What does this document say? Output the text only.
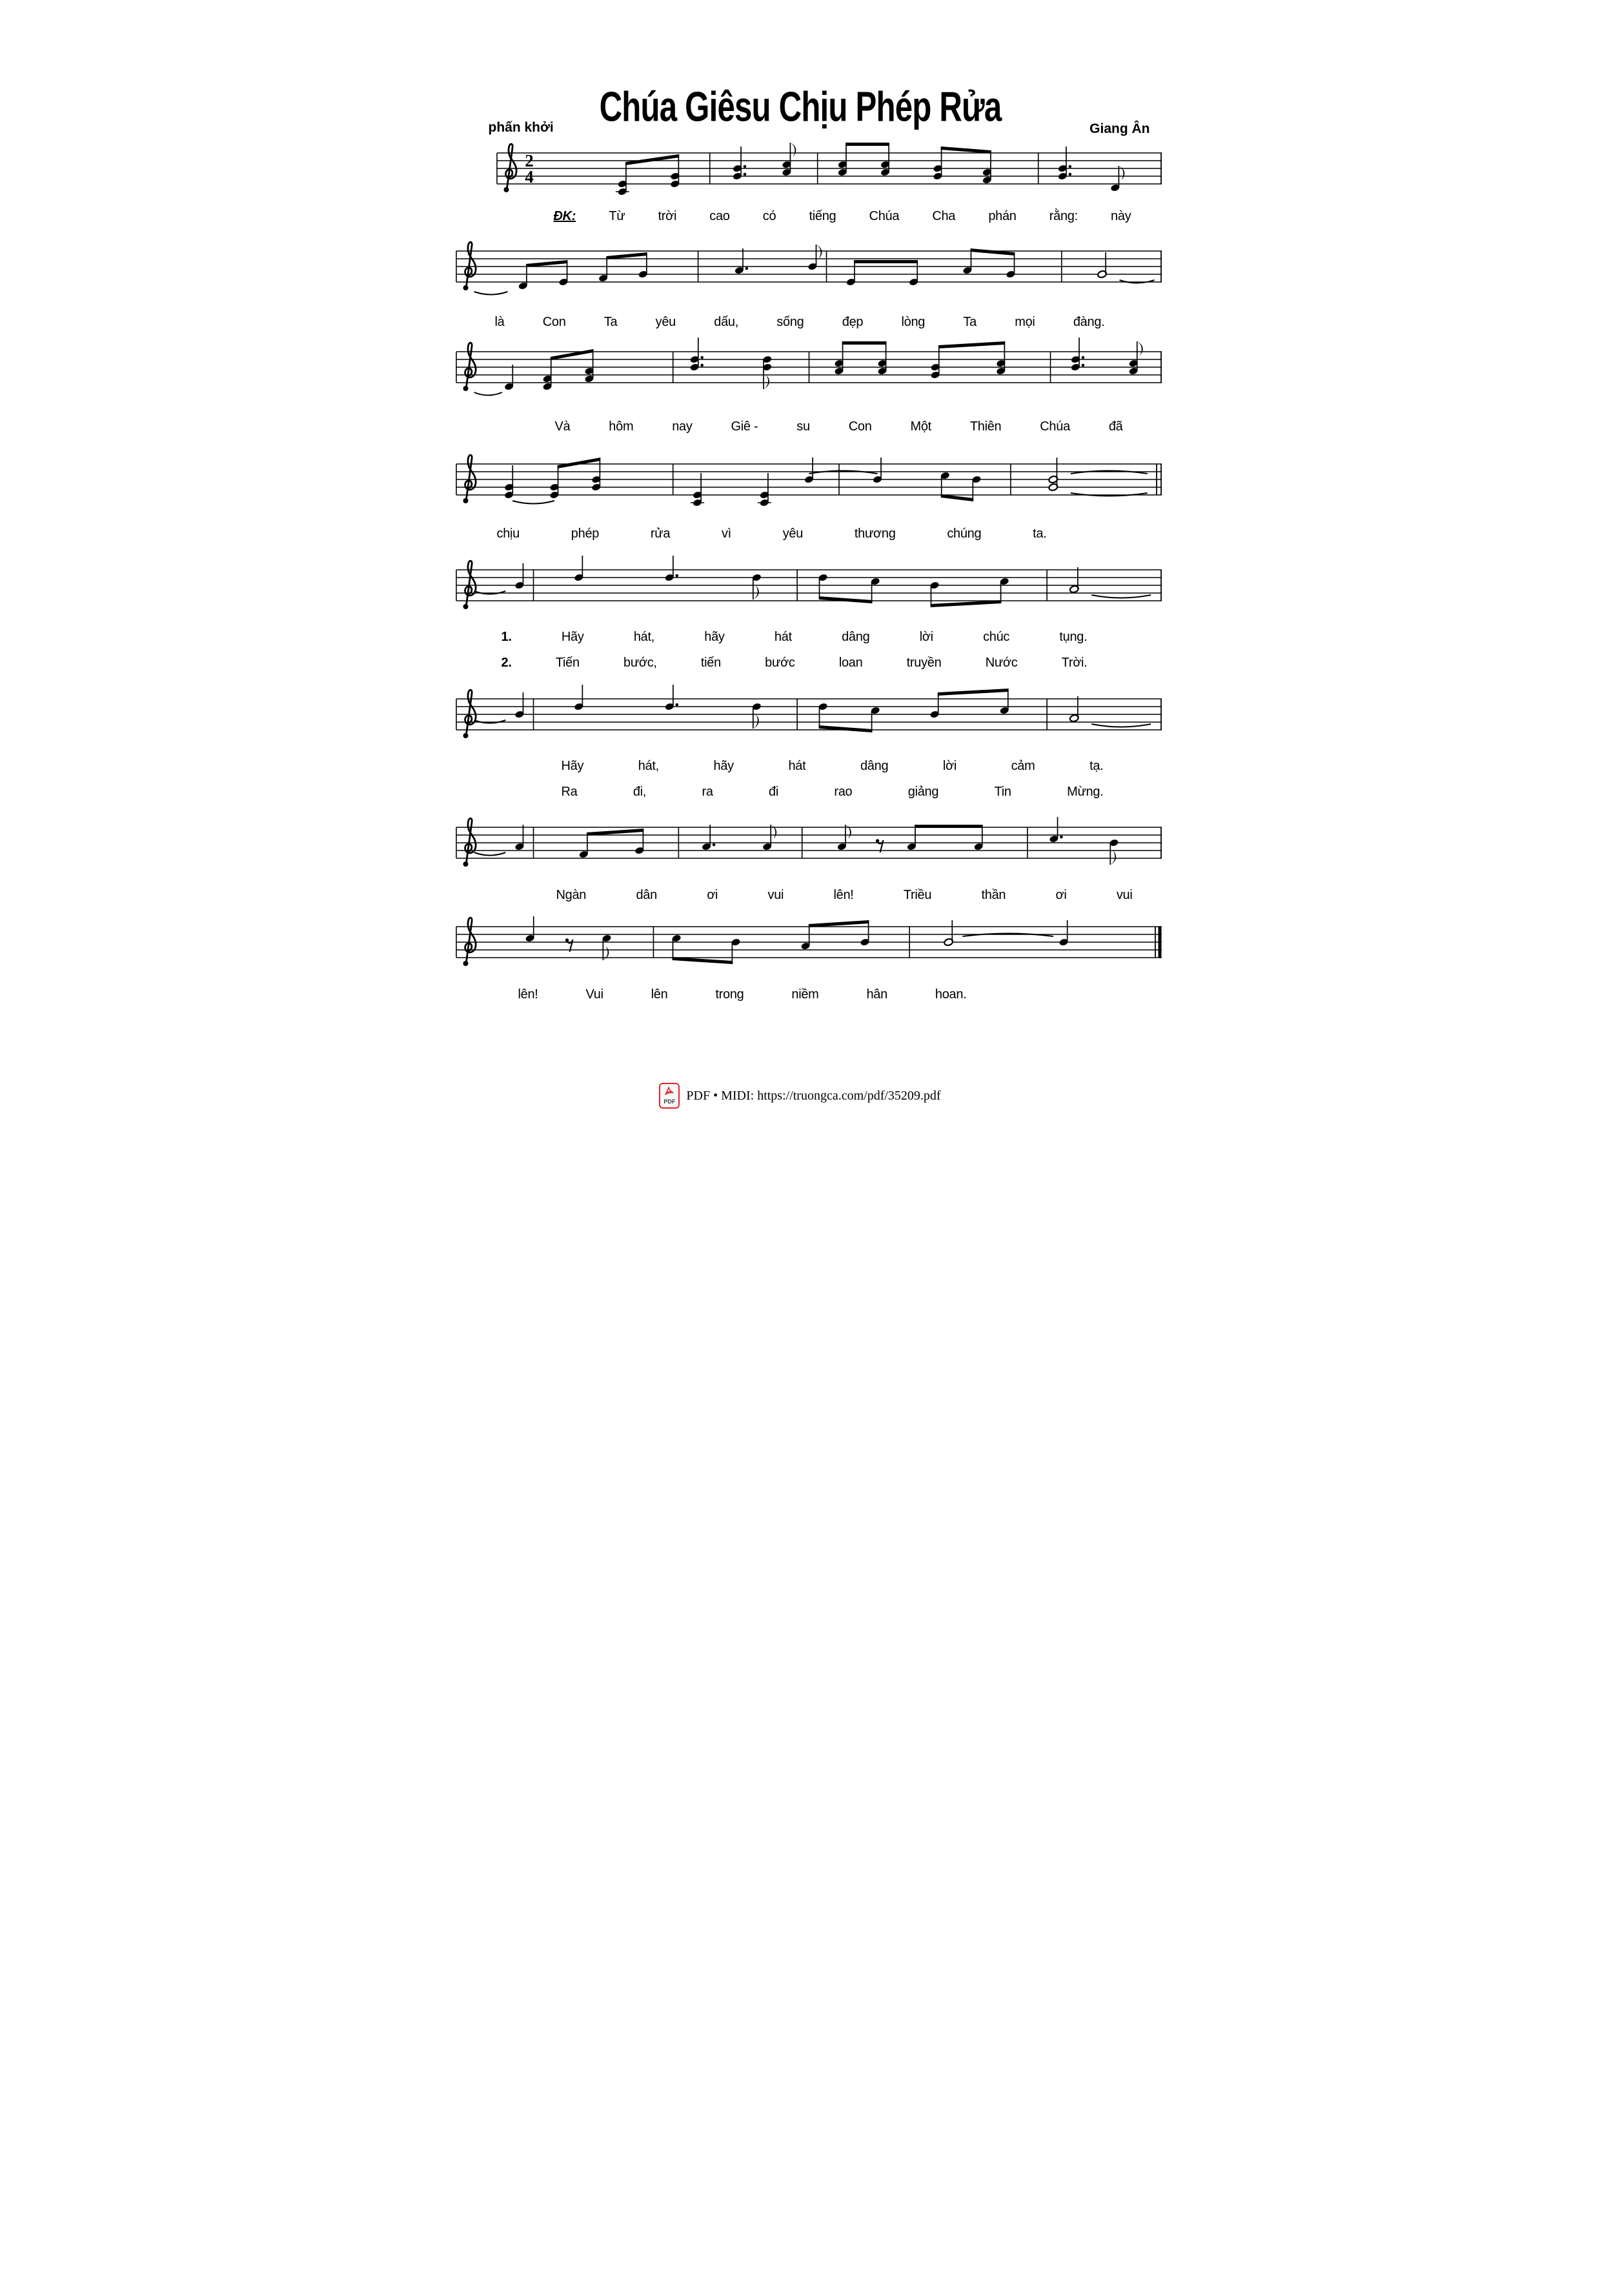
Chúa Giêsu Chịu Phép Rửa
phấn khởi	Giang Ân
2
4
ĐK:	Từ	trời	cao	có	tiếng	Chúa	Cha	phán	rằng:	này
là	Con	Ta	yêu	dấu,	sống	đẹp	lòng	Ta	mọi	đàng.
Và	hôm	nay	Giê -	su	Con	Một	Thiên	Chúa	đã
chịu	phép	rửa	vì	yêu	thương	chúng	ta.
1.	Hãy	hát,	hãy	hát	dâng	lời	chúc	tụng.
2.	Tiến	bước,	tiến	bước	loan	truyền	Nước	Trời.
Hãy	hát,	hãy	hát	dâng	lời	cảm	tạ.
Ra	đi,	ra	đi	rao	giảng	Tin	Mừng.
Ngàn	dân	ơi	vui	lên!	Triều	thần	ơi	vui
lên!	Vui	lên	trong	niềm	hân	hoan.
PDF PDF • MIDI: https://truongca.com/pdf/35209.pdf
